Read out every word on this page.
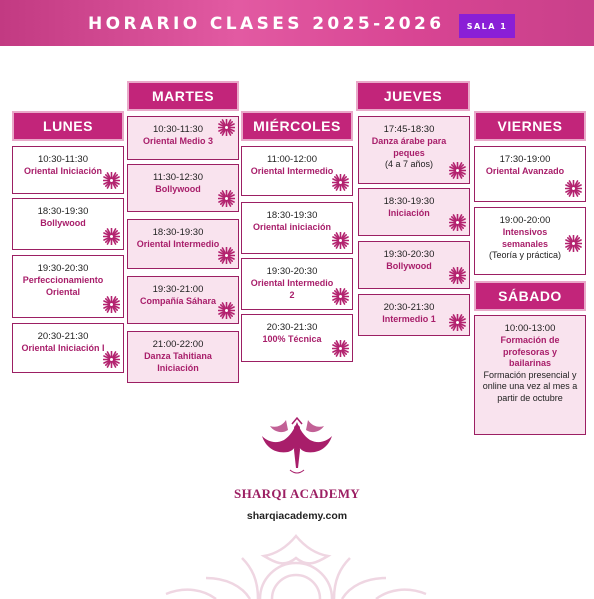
HORARIO CLASES 2025-2026	SALA 1
LUNES
MARTES
MIÉRCOLES
JUEVES
VIERNES
SÁBADO
10:30-11:30
Oriental Iniciación
18:30-19:30
Bollywood
19:30-20:30
Perfeccionamiento Oriental
20:30-21:30
Oriental Iniciación I
10:30-11:30
Oriental Medio 3
11:30-12:30
Bollywood
18:30-19:30
Oriental Intermedio
19:30-21:00
Compañía Sáhara
21:00-22:00
Danza Tahitiana Iniciación
11:00-12:00
Oriental Intermedio
18:30-19:30
Oriental iniciación
19:30-20:30
Oriental Intermedio 2
20:30-21:30
100% Técnica
17:45-18:30
Danza árabe para peques
(4 a 7 años)
18:30-19:30
Iniciación
19:30-20:30
Bollywood
20:30-21:30
Intermedio 1
17:30-19:00
Oriental Avanzado
19:00-20:00
Intensivos semanales
(Teoría y práctica)
10:00-13:00
Formación de profesoras y bailarinas
Formación presencial y online una vez al mes a partir de octubre
SHARQI ACADEMY
sharqiacademy.com
